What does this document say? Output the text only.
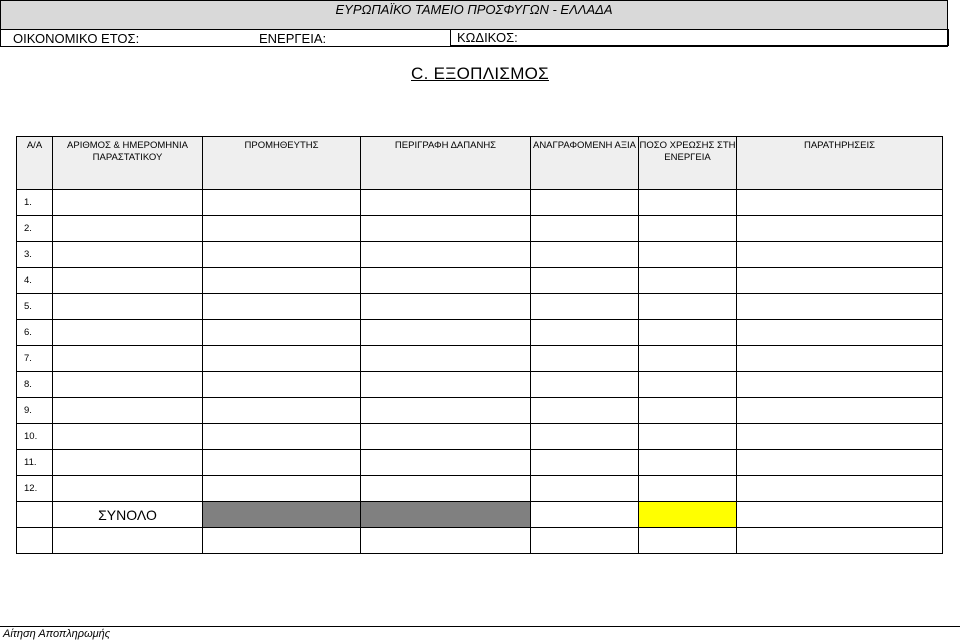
ΕΥΡΩΠΑΪΚΟ ΤΑΜΕΙΟ ΠΡΟΣΦΥΓΩΝ - ΕΛΛΑΔΑ
ΟΙΚΟΝΟΜΙΚΟ ΕΤΟΣ:	ΕΝΕΡΓΕΙΑ:	ΚΩΔΙΚΟΣ:
C. ΕΞΟΠΛΙΣΜΟΣ
Α/Α	ΑΡΙΘΜΟΣ & ΗΜΕΡΟΜΗΝΙΑ ΠΑΡΑΣΤΑΤΙΚΟΥ	ΠΡΟΜΗΘΕΥΤΗΣ	ΠΕΡΙΓΡΑΦΗ ΔΑΠΑΝΗΣ	ΑΝΑΓΡΑΦΟΜΕΝΗ ΑΞΙΑ	ΠΟΣΟ ΧΡΕΩΣΗΣ ΣΤΗ ΕΝΕΡΓΕΙΑ	ΠΑΡΑΤΗΡΗΣΕΙΣ
1.						
2.						
3.						
4.						
5.						
6.						
7.						
8.						
9.						
10.						
11.						
12.						
	ΣΥΝΟΛΟ					

Αίτηση Αποπληρωμής
